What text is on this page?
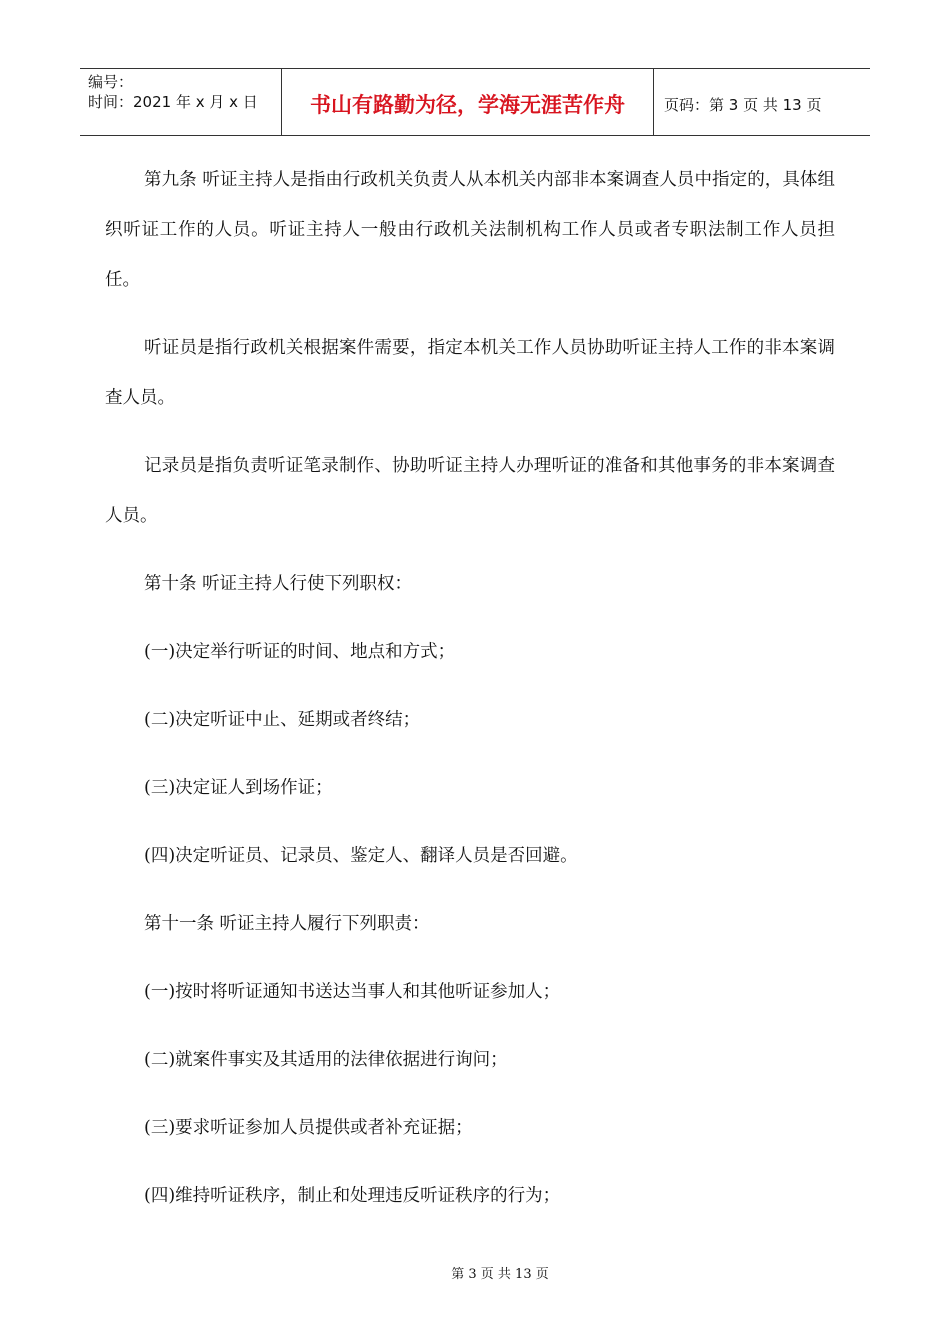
编号：
时间：2021 年 x 月 x 日	书山有路勤为径，学海无涯苦作舟	页码：第 3 页 共 13 页

第九条 听证主持人是指由行政机关负责人从本机关内部非本案调查人员中指定的，具体组织听证工作的人员。听证主持人一般由行政机关法制机构工作人员或者专职法制工作人员担任。

听证员是指行政机关根据案件需要，指定本机关工作人员协助听证主持人工作的非本案调查人员。

记录员是指负责听证笔录制作、协助听证主持人办理听证的准备和其他事务的非本案调查人员。

第十条 听证主持人行使下列职权：

(一)决定举行听证的时间、地点和方式；

(二)决定听证中止、延期或者终结；

(三)决定证人到场作证；

(四)决定听证员、记录员、鉴定人、翻译人员是否回避。

第十一条 听证主持人履行下列职责：

(一)按时将听证通知书送达当事人和其他听证参加人；

(二)就案件事实及其适用的法律依据进行询问；

(三)要求听证参加人员提供或者补充证据；

(四)维持听证秩序，制止和处理违反听证秩序的行为；

第 3 页 共 13 页
